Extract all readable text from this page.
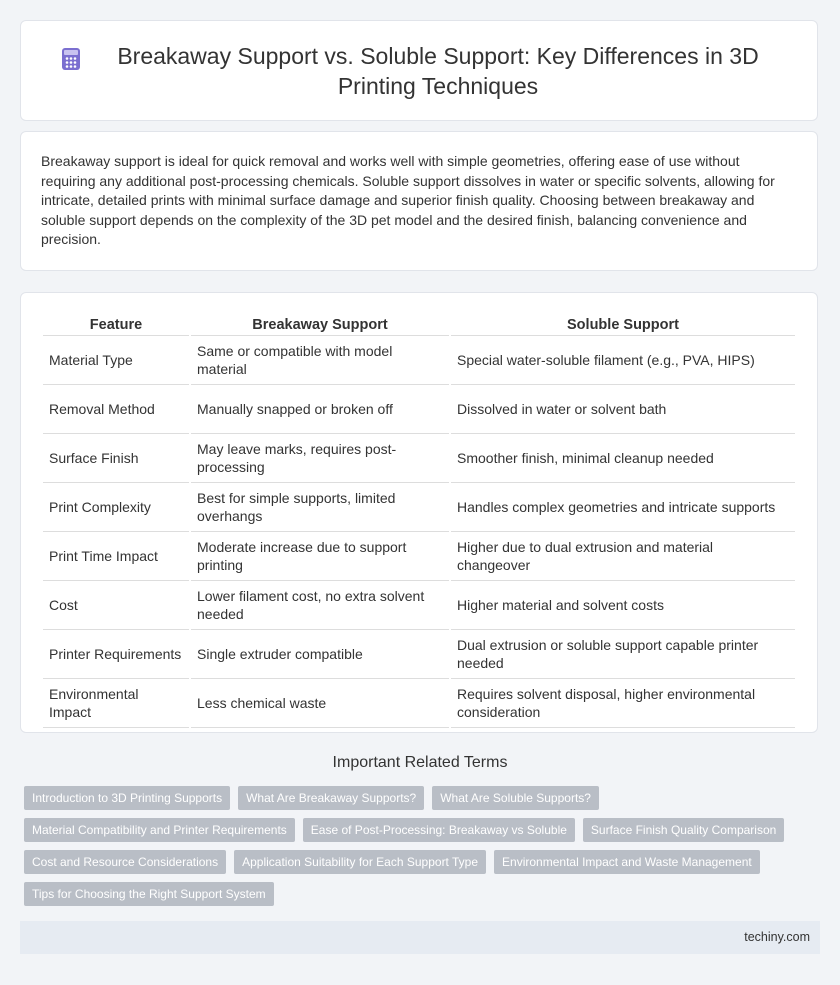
Breakaway Support vs. Soluble Support: Key Differences in 3D Printing Techniques

Breakaway support is ideal for quick removal and works well with simple geometries, offering ease of use without requiring any additional post-processing chemicals. Soluble support dissolves in water or specific solvents, allowing for intricate, detailed prints with minimal surface damage and superior finish quality. Choosing between breakaway and soluble support depends on the complexity of the 3D pet model and the desired finish, balancing convenience and precision.

Feature	Breakaway Support	Soluble Support
Material Type	Same or compatible with model material	Special water-soluble filament (e.g., PVA, HIPS)
Removal Method	Manually snapped or broken off	Dissolved in water or solvent bath
Surface Finish	May leave marks, requires post-processing	Smoother finish, minimal cleanup needed
Print Complexity	Best for simple supports, limited overhangs	Handles complex geometries and intricate supports
Print Time Impact	Moderate increase due to support printing	Higher due to dual extrusion and material changeover
Cost	Lower filament cost, no extra solvent needed	Higher material and solvent costs
Printer Requirements	Single extruder compatible	Dual extrusion or soluble support capable printer needed
Environmental Impact	Less chemical waste	Requires solvent disposal, higher environmental consideration
Important Related Terms
Introduction to 3D Printing Supports	What Are Breakaway Supports?	What Are Soluble Supports?
Material Compatibility and Printer Requirements	Ease of Post-Processing: Breakaway vs Soluble	Surface Finish Quality Comparison
Cost and Resource Considerations	Application Suitability for Each Support Type	Environmental Impact and Waste Management
Tips for Choosing the Right Support System
techiny.com
